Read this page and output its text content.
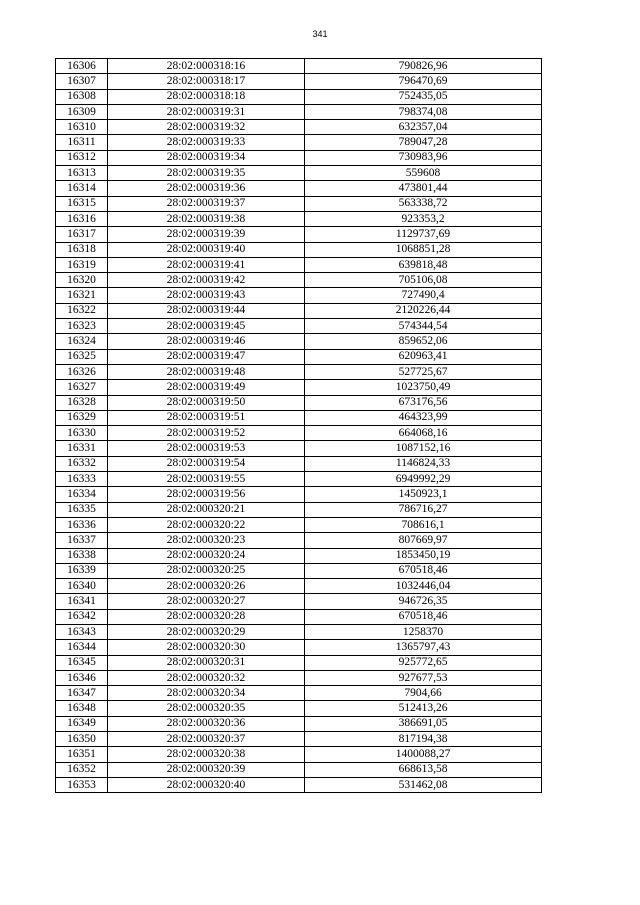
341
16306	28:02:000318:16	790826,96
16307	28:02:000318:17	796470,69
16308	28:02:000318:18	752435,05
16309	28:02:000319:31	798374,08
16310	28:02:000319:32	632357,04
16311	28:02:000319:33	789047,28
16312	28:02:000319:34	730983,96
16313	28:02:000319:35	559608
16314	28:02:000319:36	473801,44
16315	28:02:000319:37	563338,72
16316	28:02:000319:38	923353,2
16317	28:02:000319:39	1129737,69
16318	28:02:000319:40	1068851,28
16319	28:02:000319:41	639818,48
16320	28:02:000319:42	705106,08
16321	28:02:000319:43	727490,4
16322	28:02:000319:44	2120226,44
16323	28:02:000319:45	574344,54
16324	28:02:000319:46	859652,06
16325	28:02:000319:47	620963,41
16326	28:02:000319:48	527725,67
16327	28:02:000319:49	1023750,49
16328	28:02:000319:50	673176,56
16329	28:02:000319:51	464323,99
16330	28:02:000319:52	664068,16
16331	28:02:000319:53	1087152,16
16332	28:02:000319:54	1146824,33
16333	28:02:000319:55	6949992,29
16334	28:02:000319:56	1450923,1
16335	28:02:000320:21	786716,27
16336	28:02:000320:22	708616,1
16337	28:02:000320:23	807669,97
16338	28:02:000320:24	1853450,19
16339	28:02:000320:25	670518,46
16340	28:02:000320:26	1032446,04
16341	28:02:000320:27	946726,35
16342	28:02:000320:28	670518,46
16343	28:02:000320:29	1258370
16344	28:02:000320:30	1365797,43
16345	28:02:000320:31	925772,65
16346	28:02:000320:32	927677,53
16347	28:02:000320:34	7904,66
16348	28:02:000320:35	512413,26
16349	28:02:000320:36	386691,05
16350	28:02:000320:37	817194,38
16351	28:02:000320:38	1400088,27
16352	28:02:000320:39	668613,58
16353	28:02:000320:40	531462,08
